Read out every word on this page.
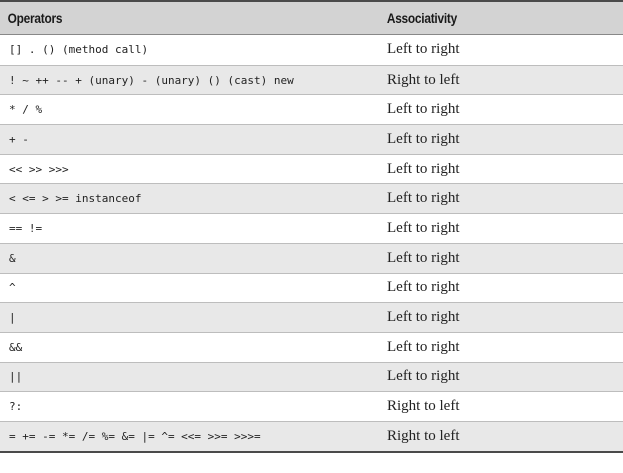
Operators	Associativity
[] . () (method call)	Left to right
! ~ ++ -- + (unary) - (unary) () (cast) new	Right to left
* / %	Left to right
+ -	Left to right
<< >> >>>	Left to right
< <= > >= instanceof	Left to right
== !=	Left to right
&	Left to right
^	Left to right
|	Left to right
&&	Left to right
||	Left to right
?:	Right to left
= += -= *= /= %= &= |= ^= <<= >>= >>>=	Right to left
